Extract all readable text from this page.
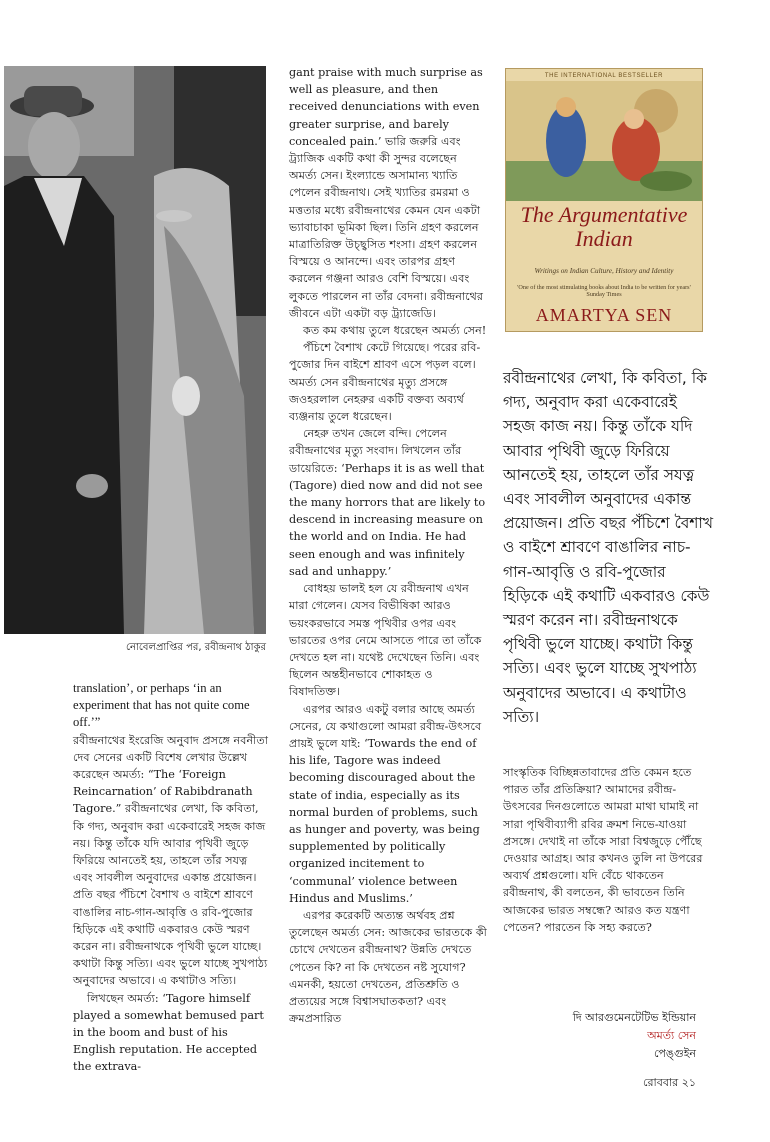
নোবেলপ্রাপ্তির পর, রবীন্দ্রনাথ ঠাকুর

translation’, or perhaps ‘in an experiment that has not quite come off.’”

রবীন্দ্রনাথের ইংরেজি অনুবাদ প্রসঙ্গে নবনীতা দেব সেনের একটি বিশেষ লেখার উল্লেখ করেছেন অমর্ত্য: “The ‘Foreign Reincarnation’ of Rabibdranath Tagore.” রবীন্দ্রনাথের লেখা, কি কবিতা, কি গদ্য, অনুবাদ করা একেবারেই সহজ কাজ নয়। কিন্তু তাঁকে যদি আবার পৃথিবী জুড়ে ফিরিয়ে আনতেই হয়, তাহলে তাঁর সযত্ন এবং সাবলীল অনুবাদের একান্ত প্রয়োজন। প্রতি বছর পঁচিশে বৈশাখ ও বাইশে শ্রাবণে বাঙালির নাচ-গান-আবৃত্তি ও রবি-পুজোর হিড়িকে এই কথাটি একবারও কেউ স্মরণ করেন না। রবীন্দ্রনাথকে পৃথিবী ভুলে যাচ্ছে। কথাটা কিন্তু সত্যি। এবং ভুলে যাচ্ছে সুখপাঠ্য অনুবাদের অভাবে। এ কথাটাও সত্যি।

লিখছেন অমর্ত্য: ‘Tagore himself played a somewhat bemused part in the boom and bust of his English reputation. He accepted the extrava-

gant praise with much surprise as well as pleasure, and then received denunciations with even greater surprise, and barely concealed pain.’ ভারি জরুরি এবং ট্র্যাজিক একটি কথা কী সুন্দর বলেছেন অমর্ত্য সেন। ইংল্যান্ডে অসামান্য খ্যাতি পেলেন রবীন্দ্রনাথ। সেই খ্যাতির রমরমা ও মত্ততার মধ্যে রবীন্দ্রনাথের কেমন যেন একটা ভ্যাবাচাকা ভূমিকা ছিল। তিনি গ্রহণ করলেন মাত্রাতিরিক্ত উচ্ছ্বসিত শংসা। গ্রহণ করলেন বিস্ময়ে ও আনন্দে। এবং তারপর গ্রহণ করলেন গঞ্জনা আরও বেশি বিস্ময়ে। এবং লুকতে পারলেন না তাঁর বেদনা। রবীন্দ্রনাথের জীবনে এটা একটা বড় ট্র্যাজেডি।

কত কম কথায় তুলে ধরেছেন অমর্ত্য সেন!

পঁচিশে বৈশাখ কেটে গিয়েছে। পরের রবি-পুজোর দিন বাইশে শ্রাবণ এসে পড়ল বলে। অমর্ত্য সেন রবীন্দ্রনাথের মৃত্যু প্রসঙ্গে জওহরলাল নেহরুর একটি বক্তব্য অব্যর্থ ব্যঞ্জনায় তুলে ধরেছেন।

নেহরু তখন জেলে বন্দি। পেলেন রবীন্দ্রনাথের মৃত্যু সংবাদ। লিখলেন তাঁর ডায়েরিতে: ‘Perhaps it is as well that (Tagore) died now and did not see the many horrors that are likely to descend in increasing measure on the world and on India. He had seen enough and was infinitely sad and unhappy.’

বোধহয় ভালই হল যে রবীন্দ্রনাথ এখন মারা গেলেন। যেসব বিভীষিকা আরও ভয়ংকরভাবে সমস্ত পৃথিবীর ওপর এবং ভারতের ওপর নেমে আসতে পারে তা তাঁকে দেখতে হল না। যথেষ্ট দেখেছেন তিনি। এবং ছিলেন অন্তহীনভাবে শোকাহত ও বিষাদতিক্ত।

এরপর আরও একটু বলার আছে অমর্ত্য সেনের, যে কথাগুলো আমরা রবীন্দ্র-উৎসবে প্রায়ই ভুলে যাই: ‘Towards the end of his life, Tagore was indeed becoming discouraged about the state of india, especially as its normal burden of problems, such as hunger and poverty, was being supplemented by politically organized incitement to ‘communal’ violence between Hindus and Muslims.’

এরপর করেকটি অত্যন্ত অর্থবহ প্রশ্ন তুলেছেন অমর্ত্য সেন: আজকের ভারতকে কী চোখে দেখতেন রবীন্দ্রনাথ? উন্নতি দেখতে পেতেন কি? না কি দেখতেন নষ্ট সুযোগ? এমনকী, হয়তো দেখতেন, প্রতিশ্রুতি ও প্রত্যয়ের সঙ্গে বিশ্বাসঘাতকতা? এবং ক্রমপ্রসারিত

THE INTERNATIONAL BESTSELLER
The Argumentative Indian
Writings on Indian Culture, History and Identity
'One of the most stimulating books about India to be written for years' Sunday Times
AMARTYA SEN
রবীন্দ্রনাথের লেখা, কি কবিতা, কি গদ্য, অনুবাদ করা একেবারেই সহজ কাজ নয়। কিন্তু তাঁকে যদি আবার পৃথিবী জুড়ে ফিরিয়ে আনতেই হয়, তাহলে তাঁর সযত্ন এবং সাবলীল অনুবাদের একান্ত প্রয়োজন। প্রতি বছর পঁচিশে বৈশাখ ও বাইশে শ্রাবণে বাঙালির নাচ-গান-আবৃত্তি ও রবি-পুজোর হিড়িকে এই কথাটি একবারও কেউ স্মরণ করেন না। রবীন্দ্রনাথকে পৃথিবী ভুলে যাচ্ছে। কথাটা কিন্তু সত্যি। এবং ভুলে যাচ্ছে সুখপাঠ্য অনুবাদের অভাবে। এ কথাটাও সত্যি।

সাংস্কৃতিক বিচ্ছিন্নতাবাদের প্রতি কেমন হতে পারত তাঁর প্রতিক্রিয়া? আমাদের রবীন্দ্র-উৎসবের দিনগুলোতে আমরা মাথা ঘামাই না সারা পৃথিবীব্যাপী রবির ক্রমশ নিভে-যাওয়া প্রসঙ্গে। দেখাই না তাঁকে সারা বিশ্বজুড়ে পৌঁছে দেওয়ার আগ্রহ। আর কখনও তুলি না উপরের অব্যর্থ প্রশ্নগুলো। যদি বেঁচে থাকতেন রবীন্দ্রনাথ, কী বলতেন, কী ভাবতেন তিনি আজকের ভারত সম্বন্ধে? আরও কত যন্ত্রণা পেতেন? পারতেন কি সহ্য করতে?

দি আরগুমেনটেটিভ ইন্ডিয়ান
অমর্ত্য সেন
পেঙ্গুইন
রোববার ২১
